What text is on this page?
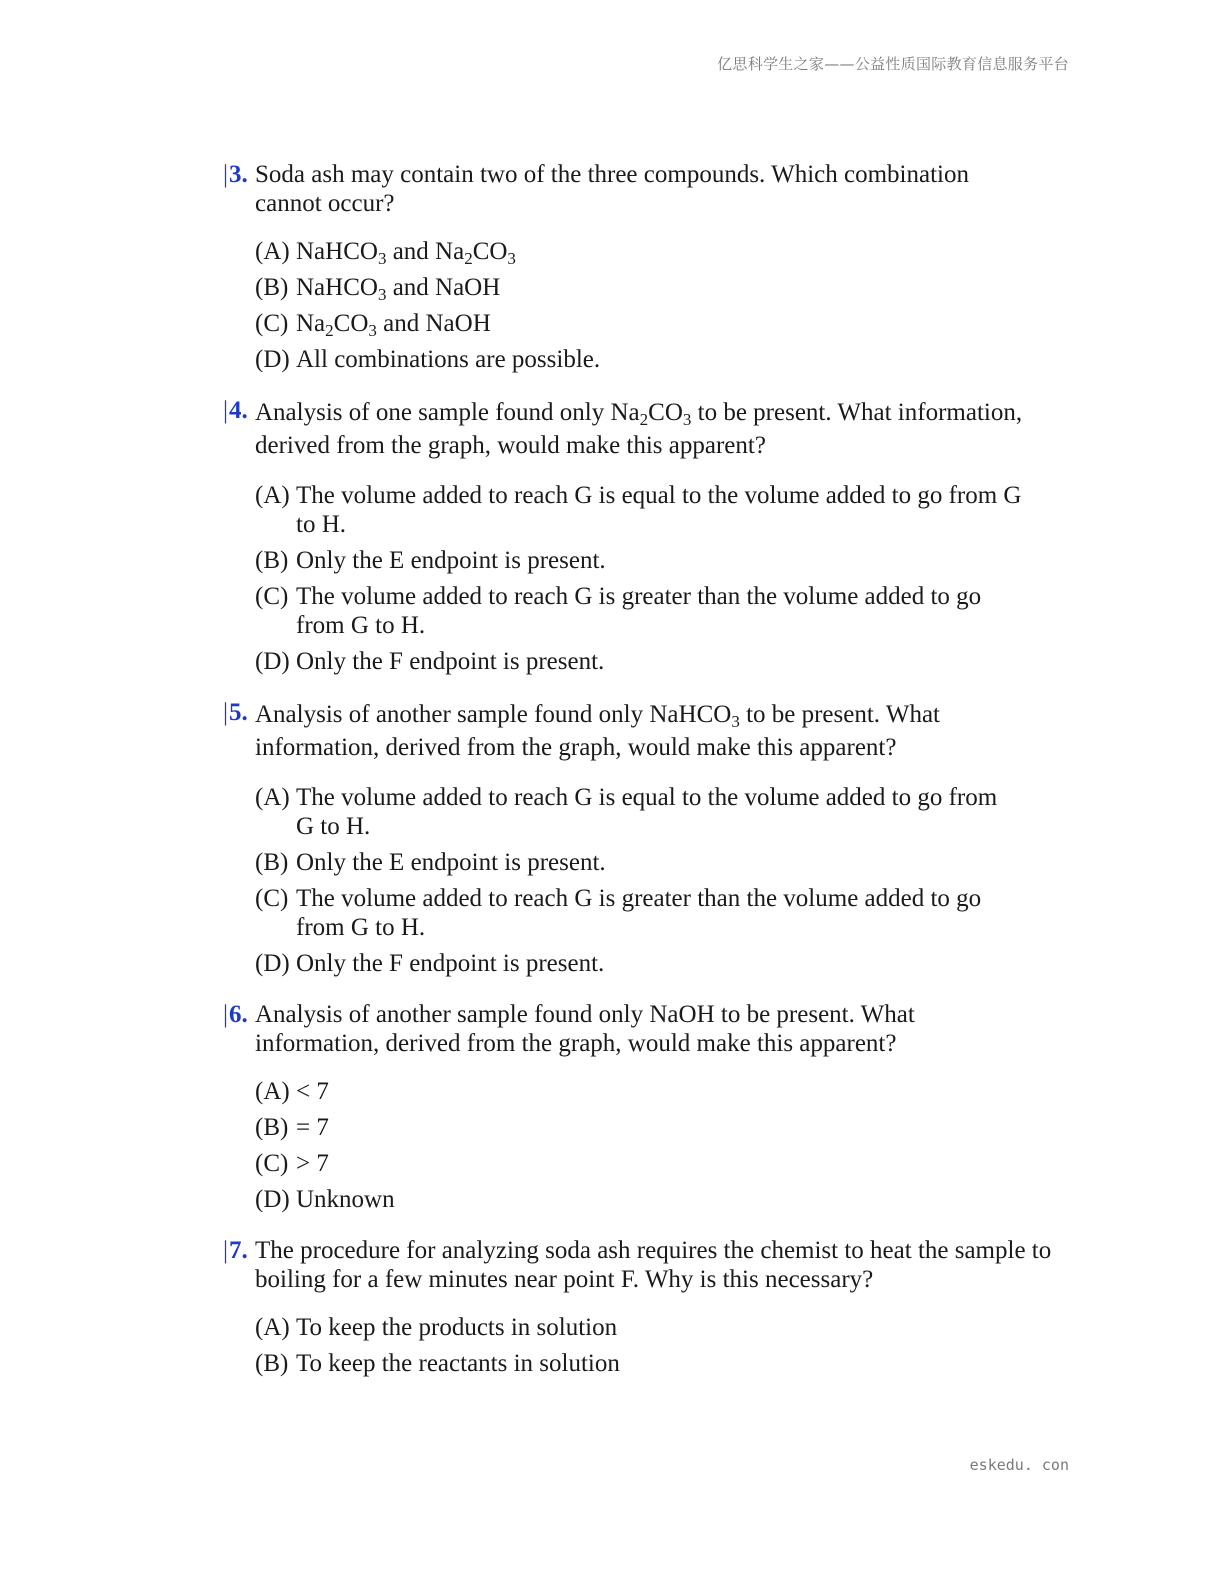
亿思科学生之家——公益性质国际教育信息服务平台
|3. Soda ash may contain two of the three compounds. Which combination cannot occur?

(A) NaHCO$_3$ and $Na_2CO_3$
(B) NaHCO$_3$ and NaOH
(C) $Na_2CO_3$ and NaOH
(D) All combinations are possible.
|4. Analysis of one sample found only $Na_2CO_3$ to be present. What information, derived from the graph, would make this apparent?

(A) The volume added to reach G is equal to the volume added to go from G to H.
(B) Only the E endpoint is present.
(C) The volume added to reach G is greater than the volume added to go from G to H.
(D) Only the F endpoint is present.
|5. Analysis of another sample found only NaHCO$_3$ to be present. What information, derived from the graph, would make this apparent?

(A) The volume added to reach G is equal to the volume added to go from G to H.
(B) Only the E endpoint is present.
(C) The volume added to reach G is greater than the volume added to go from G to H.
(D) Only the F endpoint is present.
|6. Analysis of another sample found only NaOH to be present. What information, derived from the graph, would make this apparent?

(A) < 7
(B) = 7
(C) > 7
(D) Unknown
|7. The procedure for analyzing soda ash requires the chemist to heat the sample to boiling for a few minutes near point F. Why is this necessary?

(A) To keep the products in solution
(B) To keep the reactants in solution
eskedu. con
